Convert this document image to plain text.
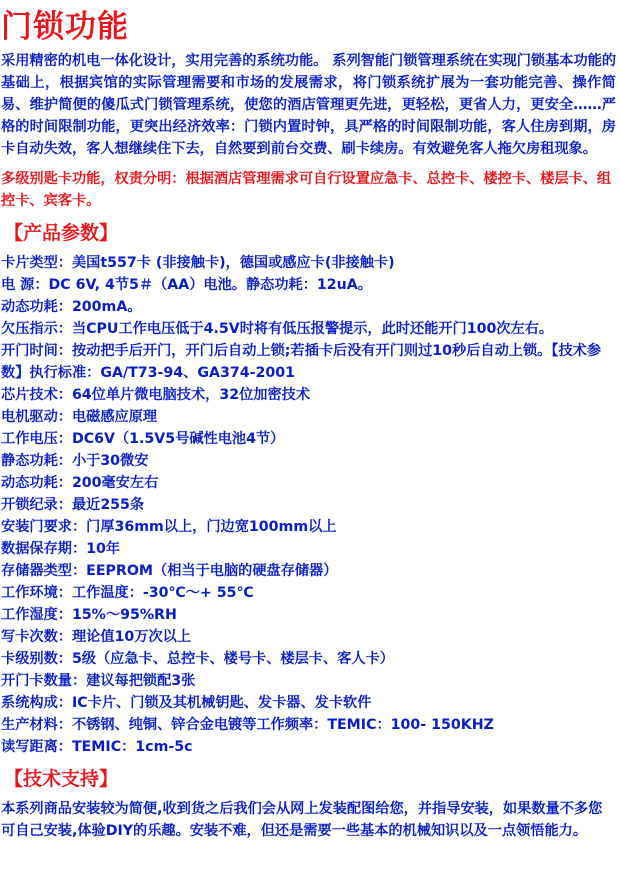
门锁功能
采用精密的机电一体化设计，实用完善的系统功能。 系列智能门锁管理系统在实现门锁基本功能的基础上，根据宾馆的实际管理需要和市场的发展需求，将门锁系统扩展为一套功能完善、操作简易、维护简便的傻瓜式门锁管理系统，使您的酒店管理更先进，更轻松，更省人力，更安全……严格的时间限制功能，更突出经济效率：门锁内置时钟，具严格的时间限制功能，客人住房到期，房卡自动失效，客人想继续住下去，自然要到前台交费、刷卡续房。有效避免客人拖欠房租现象。
多级别匙卡功能，权责分明：根据酒店管理需求可自行设置应急卡、总控卡、楼控卡、楼层卡、组控卡、宾客卡。
【产品参数】
卡片类型：美国t557卡 (非接触卡)，德国或感应卡(非接触卡)
电 源：DC 6V, 4节5＃（AA）电池。静态功耗：12uA。
动态功耗：200mA。
欠压指示：当CPU工作电压低于4.5V时将有低压报警提示，此时还能开门100次左右。
开门时间：按动把手后开门，开门后自动上锁;若插卡后没有开门则过10秒后自动上锁。【技术参数】执行标准：GA/T73-94、GA374-2001
芯片技术：64位单片微电脑技术，32位加密技术
电机驱动：电磁感应原理
工作电压：DC6V（1.5V5号碱性电池4节）
静态功耗：小于30微安
动态功耗：200毫安左右
开锁纪录：最近255条
安装门要求：门厚36mm以上，门边宽100mm以上
数据保存期：10年
存储器类型：EEPROM（相当于电脑的硬盘存储器）
工作环境：工作温度：-30℃～+ 55℃
工作湿度：15%～95%RH
写卡次数：理论值10万次以上
卡级别数：5级（应急卡、总控卡、楼号卡、楼层卡、客人卡）
开门卡数量：建议每把锁配3张
系统构成：IC卡片、门锁及其机械钥匙、发卡器、发卡软件
生产材料：不锈钢、纯铜、锌合金电镀等工作频率：TEMIC：100- 150KHZ
读写距离：TEMIC：1cm-5c
【技术支持】
本系列商品安装较为简便,收到货之后我们会从网上发装配图给您，并指导安装，如果数量不多您可自己安装,体验DIY的乐趣。安装不难，但还是需要一些基本的机械知识以及一点领悟能力。
